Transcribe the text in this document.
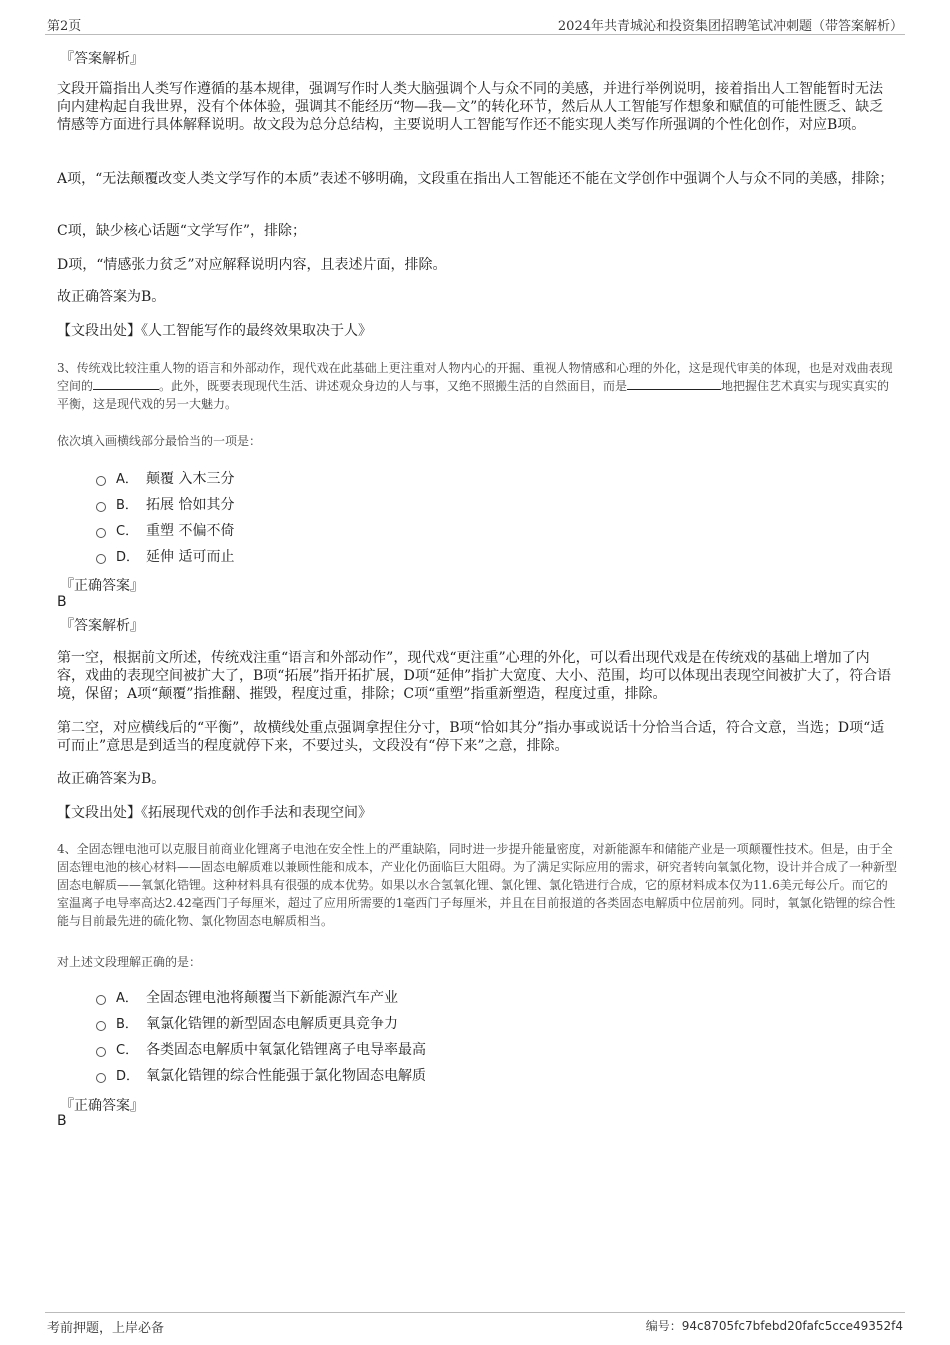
第2页	2024年共青城沁和投资集团招聘笔试冲刺题（带答案解析）
『答案解析』
文段开篇指出人类写作遵循的基本规律，强调写作时人类大脑强调个人与众不同的美感，并进行举例说明，接着指出人工智能暂时无法向内建构起自我世界，没有个体体验，强调其不能经历“物—我—文”的转化环节，然后从人工智能写作想象和赋值的可能性匮乏、缺乏情感等方面进行具体解释说明。故文段为总分总结构，主要说明人工智能写作还不能实现人类写作所强调的个性化创作，对应B项。
A项，“无法颠覆改变人类文学写作的本质”表述不够明确，文段重在指出人工智能还不能在文学创作中强调个人与众不同的美感，排除；
C项，缺少核心话题“文学写作”，排除；
D项，“情感张力贫乏”对应解释说明内容，且表述片面，排除。
故正确答案为B。
【文段出处】《人工智能写作的最终效果取决于人》
3、传统戏比较注重人物的语言和外部动作，现代戏在此基础上更注重对人物内心的开掘、重视人物情感和心理的外化，这是现代审美的体现，也是对戏曲表现空间的	。此外，既要表现现代生活、讲述观众身边的人与事，又绝不照搬生活的自然面目，而是	地把握住艺术真实与现实真实的平衡，这是现代戏的另一大魅力。
依次填入画横线部分最恰当的一项是：
A． 颠覆 入木三分
B． 拓展 恰如其分
C． 重塑 不偏不倚
D． 延伸 适可而止
『正确答案』
B
『答案解析』
第一空，根据前文所述，传统戏注重“语言和外部动作”，现代戏“更注重”心理的外化，可以看出现代戏是在传统戏的基础上增加了内容，戏曲的表现空间被扩大了，B项“拓展”指开拓扩展，D项“延伸”指扩大宽度、大小、范围，均可以体现出表现空间被扩大了，符合语境，保留；A项“颠覆”指推翻、摧毁，程度过重，排除；C项“重塑”指重新塑造，程度过重，排除。
第二空，对应横线后的“平衡”，故横线处重点强调拿捏住分寸，B项“恰如其分”指办事或说话十分恰当合适，符合文意，当选；D项“适可而止”意思是到适当的程度就停下来，不要过头，文段没有“停下来”之意，排除。
故正确答案为B。
【文段出处】《拓展现代戏的创作手法和表现空间》
4、全固态锂电池可以克服目前商业化锂离子电池在安全性上的严重缺陷，同时进一步提升能量密度，对新能源车和储能产业是一项颠覆性技术。但是，由于全固态锂电池的核心材料——固态电解质难以兼顾性能和成本，产业化仍面临巨大阻碍。为了满足实际应用的需求，研究者转向氧氯化物，设计并合成了一种新型固态电解质——氧氯化锆锂。这种材料具有很强的成本优势。如果以水合氢氧化锂、氯化锂、氯化锆进行合成，它的原材料成本仅为11.6美元每公斤。而它的室温离子电导率高达2.42毫西门子每厘米，超过了应用所需要的1毫西门子每厘米，并且在目前报道的各类固态电解质中位居前列。同时，氧氯化锆锂的综合性能与目前最先进的硫化物、氯化物固态电解质相当。
对上述文段理解正确的是：
A． 全固态锂电池将颠覆当下新能源汽车产业
B． 氧氯化锆锂的新型固态电解质更具竞争力
C． 各类固态电解质中氧氯化锆锂离子电导率最高
D． 氧氯化锆锂的综合性能强于氯化物固态电解质
『正确答案』
B
考前押题，上岸必备	编号：94c8705fc7bfebd20fafc5cce49352f4
